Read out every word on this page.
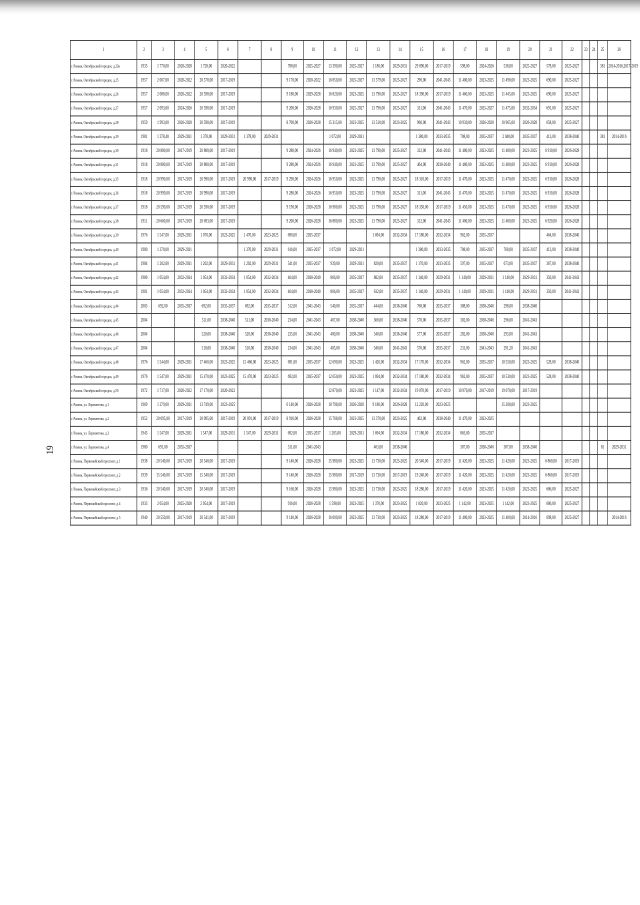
19
1	2	3	4	5	6	7	8	9	10	11	12	13	14	15	16	17	18	19	20	21	22	23	24	25	26
г. Рязань, Октябрьский городок, д.23к	1935	1 770,00	2020-2028	1 728,00	2020-2022			788,00	2025-2027	13 390,00	2025-2027	1 180,00	2029-2031	29 090,00	2017-2019	598,00	2024-2026	538,00	2025-2027	578,00	2025-2027			381	2014-2016,2017-2019
г. Рязань, Октябрьский городок, д.25	1957	2 007,00	2020-2022	20 578,00	2017-2019			9 170,00	2020-2022	16 850,00	2025-2027	13 579,00	2025-2027	290,00	2041-2043	11 400,00	2023-2025	11 498,00	2023-2025	690,00	2025-2027				
г. Рязань, Октябрьский городок, д.26	1957	2 088,00	2020-2022	20 598,00	2017-2019			9 180,00	2029-2028	16 820,00	2023-2025	13 790,00	2025-2027	18 390,00	2017-2019	11 460,00	2023-2025	11 445,00	2023-2025	690,00	2025-2027				
г. Рязань, Октябрьский городок, д.27	1957	2 093,00	2024-2026	20 598,00	2017-2019			9 200,00	2026-2028	16 930,00	2025-2027	13 790,00	2025-2027	311,00	2041-2043	11 470,00	2025-2027	11 475,00	2032-2034	691,00	2025-2027				
г. Рязань, Октябрьский городок, д.28	1959	1 993,00	2026-2028	20 598,00	2017-2019			8 700,00	2026-2028	15 315,00	2023-2025	13 510,00	2023-2025	960,00	2041-2043	10 930,00	2026-2028	10 965,00	2026-2028	658,00	2025-2027				
г. Рязань, Октябрьский городок, д.29	1981	1 378,40	2029-2031	1 378,00	2029-2031	1 378,00	2029-2031			1 072,00	2029-2031			1 380,00	2033-2035	708,00	2035-2037	2 048,00	2035-2037	413,00	2038-2040			381	2014-2016
г. Рязань, Октябрьский городок, д.30	1918	20 880,00	2017-2019	20 880,00	2017-2019			9 280,00	2024-2026	16 940,00	2023-2025	13 790,00	2025-2027	312,00	2041-2043	11 480,00	2023-2025	11 480,00	2023-2025	6 910,00	2026-2028				
г. Рязань, Октябрьский городок, д.31	1918	20 880,00	2017-2019	20 880,00	2017-2019			9 280,00	2024-2026	16 940,00	2023-2025	13 790,00	2025-2027	464,00	2038-2040	11 480,00	2023-2025	11 480,00	2023-2025	6 910,00	2026-2028				
г. Рязань, Октябрьский городок, д.35	1918	20 990,00	2017-2019	20 990,00	2017-2019	20 990,00	2017-2019	9 290,00	2024-2026	16 950,00	2023-2025	13 790,00	2025-2027	18 310,00	2017-2019	11 470,00	2023-2025	11 470,00	2023-2025	6 910,00	2026-2028				
г. Рязань, Октябрьский городок, д.36	1918	20 990,00	2017-2019	20 990,00	2017-2019			9 280,00	2024-2026	16 950,00	2023-2025	13 790,00	2025-2027	311,00	2041-2043	11 470,00	2023-2025	11 470,00	2023-2025	6 910,00	2026-2028				
г. Рязань, Октябрьский городок, д.37	1918	20 590,00	2017-2019	20 590,00	2017-2019			9 190,00	2026-2028	16 900,00	2023-2025	13 790,00	2025-2027	18 350,00	2017-2019	11 450,00	2023-2025	11 470,00	2023-2025	6 910,00	2026-2028				
г. Рязань, Октябрьский городок, д.38	1911	20 660,00	2017-2019	20 693,00	2017-2019			9 200,00	2026-2028	16 880,00	2023-2025	13 790,00	2025-2027	312,00	2041-2043	11 400,00	2023-2025	11 480,00	2023-2025	6 920,00	2026-2028				
г. Рязань, Октябрьский городок, д.39	1976	1 547,00	2029-2031	1 070,00	2023-2025	1 470,00	2023-2025	690,00	2035-2037			1 694,00	2032-2034	17 180,00	2032-2034	962,00	2035-2037			464,00	2038-2040				
г. Рязань, Октябрьский городок, д.40	1980	1 370,00	2029-2031			1 370,00	2029-2031	616,00	2035-2037	1 072,00	2029-2031			1 380,00	2033-2035	708,00	2035-2037	768,00	2035-2037	413,00	2038-2040				
г. Рязань, Октябрьский городок, д.41	1984	1 202,00	2029-2031	1 202,00	2029-2031	1 202,00	2029-2031	541,00	2035-2037	939,00	2029-2031	820,00	2035-2037	1 170,00	2033-2035	597,00	2035-2037	673,00	2035-2037	367,00	2038-2040				
г. Рязань, Октябрьский городок, д.42	1980	1 054,00	2032-2034	1 054,00	2032-2034	1 054,00	2032-2034	464,00	2038-2040	866,00	2035-2037	882,00	2035-2037	1 140,00	2029-2031	1 140,00	2029-2031	1 140,00	2029-2031	350,00	2041-2043				
г. Рязань, Октябрьский городок, д.43	1981	1 054,00	2032-2034	1 054,00	2032-2034	1 054,00	2032-2034	464,00	2038-2040	866,00	2035-2037	632,00	2035-2037	1 140,00	2029-2031	1 140,00	2029-2031	1 140,00	2029-2031	350,00	2041-2043				
г. Рязань, Октябрьский городок, д.44	2003	692,00	2035-2037	692,00	2035-2037	692,00	2035-2037	312,00	2041-2043	540,00	2035-2037	444,00	2038-2040	768,00	2035-2037	388,00	2038-2040	298,00	2038-2040						
г. Рязань, Октябрьский городок, д.45	2004			511,00	2038-2040	511,00	2038-2040	234,00	2041-2043	407,00	2038-2040	360,00	2038-2040	570,00	2035-2037	302,00	2038-2040	296,00	2041-2043						
г. Рязань, Октябрьский городок, д.46	2004			520,00	2038-2040	520,00	2038-2040	235,00	2041-2043	400,00	2038-2040	340,00	2038-2040	577,00	2035-2037	282,00	2038-2040	293,00	2041-2043						
г. Рязань, Октябрьский городок, д.47	2004			510,00	2038-2040	510,00	2038-2040	234,00	2041-2043	405,00	2038-2040	340,00	2041-2043	576,00	2035-2037	231,00	2041-2043	291,20	2041-2043						
г. Рязань, Октябрьский городок, д.48	1976	1 544,00	2029-2031	17 460,00	2023-2025	15 460,00	2023-2025	691,00	2035-2037	12 690,00	2023-2025	1 420,00	2032-2034	17 170,00	2032-2034	962,00	2035-2037	10 550,00	2023-2025	528,00	2038-2040				
г. Рязань, Октябрьский городок, д.49	1976	1 547,00	2029-2031	15 470,00	2023-2025	15 470,00	2023-2025	692,00	2035-2037	12 650,00	2023-2025	1 694,00	2032-2034	17 180,00	2032-2034	962,00	2035-2037	10 530,00	2023-2025	528,00	2038-2040				
г. Рязань, Октябрьский городок, д.50	1972	1 717,00	2020-2022	17 170,00	2020-2022					12 870,00	2023-2025	1 147,00	2032-2034	19 070,00	2017-2019	10 970,00	2017-2019	19 070,00	2017-2019						
г. Рязань, ул. Лермонтова, д.1	1969	1 379,00	2029-2031	13 749,00	2023-2025			6 140,00	2026-2028	10 798,00	2026-2028	9 180,00	2026-2028	12 220,00	2023-2025			15 200,00	2023-2025						
г. Рязань, ул. Лермонтова, д.2	1952	20 095,00	2017-2019	20 095,00	2017-2019	20 091,00	2017-2019	8 910,00	2026-2028	15 768,00	2023-2025	13 370,00	2023-2025	402,00	2038-2040	11 470,00	2023-2025								
г. Рязань, ул. Лермонтова, д.3	1943	1 547,00	2029-2031	1 547,00	2029-2031	1 547,00	2029-2031	692,00	2035-2037	1 205,00	2029-2031	1 694,00	2032-2034	17 180,00	2032-2034	863,00	2035-2037								
г. Рязань, ул. Лермонтова, д.4	1980	691,00	2035-2037					311,00	2041-2043			463,00	2038-2040			387,00	2038-2040	387,00	2038-2040					81	2029-2031
г. Рязань, Первомайский проспект, д.1	1938	20 540,00	2017-2019	20 540,00	2017-2019			9 140,00	2026-2028	15 980,00	2023-2025	13 730,00	2023-2025	20 540,00	2017-2019	11 420,00	2023-2025	11 420,00	2023-2025	6 860,00	2017-2019				
г. Рязань, Первомайский проспект, д.2	1939	15 540,00	2017-2019	15 540,00	2017-2019			9 140,00	2026-2028	15 980,00	2017-2019	13 730,00	2017-2019	19 240,00	2017-2019	11 420,00	2023-2025	11 420,00	2023-2025	6 860,00	2017-2019				
г. Рязань, Первомайский проспект, д.3	1936	20 540,00	2017-2019	20 540,00	2017-2019			9 160,00	2026-2028	15 980,00	2023-2025	13 730,00	2023-2025	18 280,00	2017-2019	11 420,00	2023-2025	11 420,00	2023-2025	686,00	2025-2027				
г. Рязань, Первомайский проспект, д.4	1933	2 054,00	2025-2028	2 054,00	2017-2019			916,00	2026-2028	1 598,00	2023-2025	1 370,00	2023-2025	1 820,00	2023-2025	1 142,00	2023-2025	1 142,00	2023-2025	686,00	2025-2027				
г. Рязань, Первомайский проспект, д.5	1940	20 550,00	2017-2019	20 541,00	2017-2019			9 140,00	2026-2028	16 000,00	2023-2025	13 730,00	2023-2025	18 280,00	2017-2019	11 400,00	2023-2025	11 400,00	2014-2016	698,00	2025-2027				2014-2016
